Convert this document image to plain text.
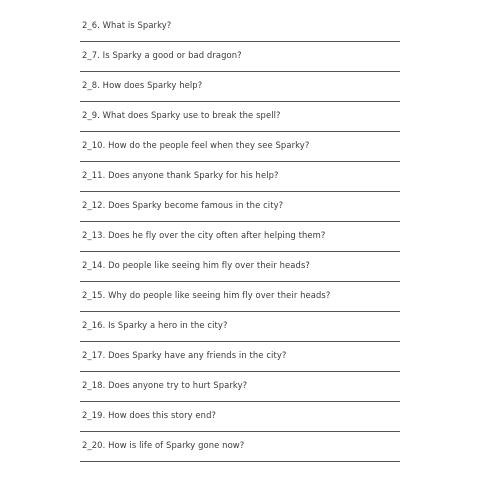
2_6. What is Sparky?
2_7. Is Sparky a good or bad dragon?
2_8. How does Sparky help?
2_9. What does Sparky use to break the spell?
2_10. How do the people feel when they see Sparky?
2_11. Does anyone thank Sparky for his help?
2_12. Does Sparky become famous in the city?
2_13. Does he fly over the city often after helping them?
2_14. Do people like seeing him fly over their heads?
2_15. Why do people like seeing him fly over their heads?
2_16. Is Sparky a hero in the city?
2_17. Does Sparky have any friends in the city?
2_18. Does anyone try to hurt Sparky?
2_19. How does this story end?
2_20. How is life of Sparky gone now?
